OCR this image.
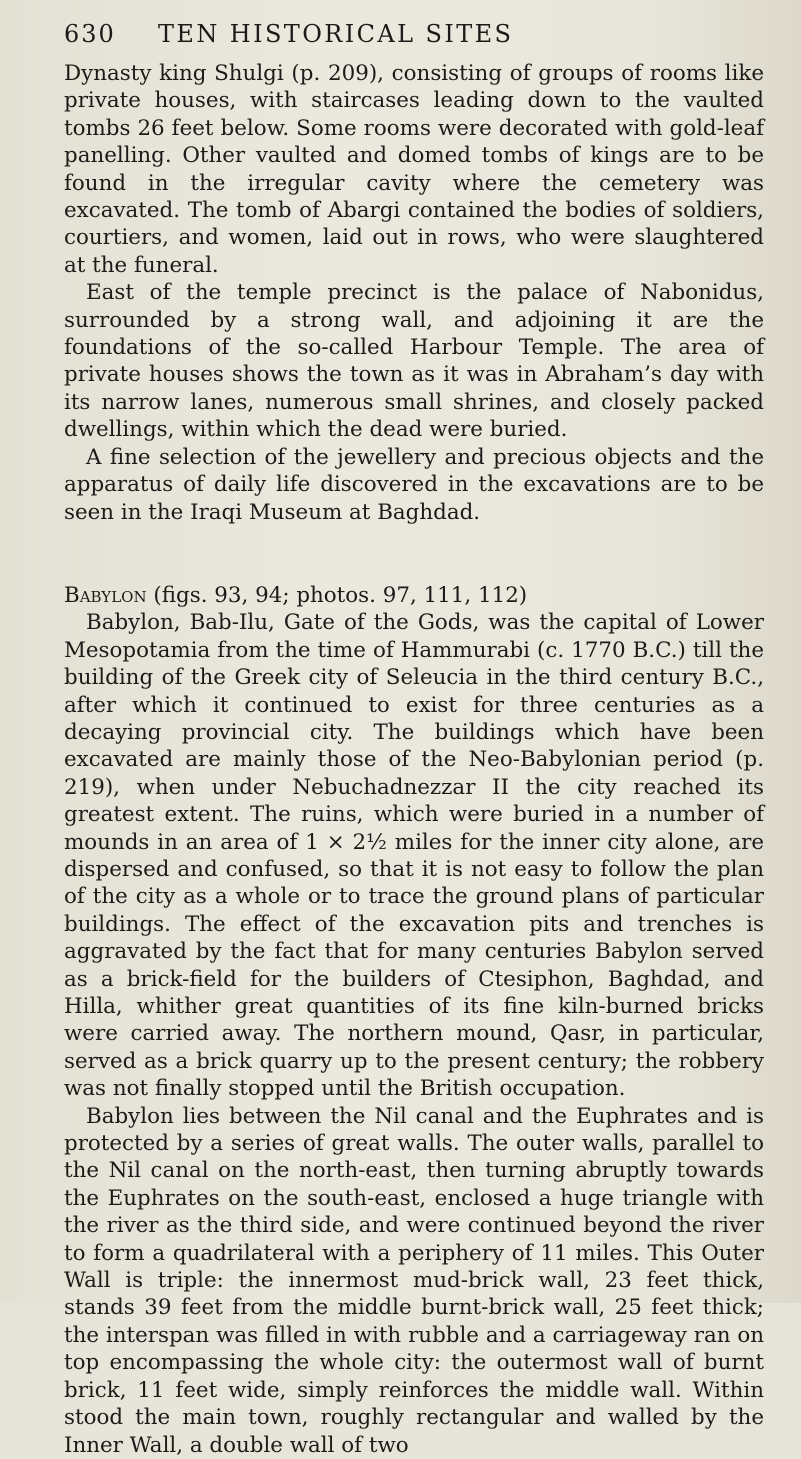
630 TEN HISTORICAL SITES

Dynasty king Shulgi (p. 209), consisting of groups of rooms like private houses, with staircases leading down to the vaulted tombs 26 feet below. Some rooms were decorated with gold-leaf panelling. Other vaulted and domed tombs of kings are to be found in the irregular cavity where the cemetery was excavated. The tomb of Abargi contained the bodies of soldiers, courtiers, and women, laid out in rows, who were slaughtered at the funeral.

East of the temple precinct is the palace of Nabonidus, surrounded by a strong wall, and adjoining it are the foundations of the so-called Harbour Temple. The area of private houses shows the town as it was in Abraham’s day with its narrow lanes, numerous small shrines, and closely packed dwellings, within which the dead were buried.

A fine selection of the jewellery and precious objects and the apparatus of daily life discovered in the excavations are to be seen in the Iraqi Museum at Baghdad.

Babylon (figs. 93, 94; photos. 97, 111, 112)

Babylon, Bab-Ilu, Gate of the Gods, was the capital of Lower Mesopotamia from the time of Hammurabi (c. 1770 B.C.) till the building of the Greek city of Seleucia in the third century B.C., after which it continued to exist for three centuries as a decaying provincial city. The buildings which have been excavated are mainly those of the Neo-Babylonian period (p. 219), when under Nebuchadnezzar II the city reached its greatest extent. The ruins, which were buried in a number of mounds in an area of 1 × 2½ miles for the inner city alone, are dispersed and confused, so that it is not easy to follow the plan of the city as a whole or to trace the ground plans of particular buildings. The effect of the excavation pits and trenches is aggravated by the fact that for many centuries Babylon served as a brick-field for the builders of Ctesiphon, Baghdad, and Hilla, whither great quantities of its fine kiln-burned bricks were carried away. The northern mound, Qasr, in particular, served as a brick quarry up to the present century; the robbery was not finally stopped until the British occupation.

Babylon lies between the Nil canal and the Euphrates and is protected by a series of great walls. The outer walls, parallel to the Nil canal on the north-east, then turning abruptly towards the Euphrates on the south-east, enclosed a huge triangle with the river as the third side, and were continued beyond the river to form a quadrilateral with a periphery of 11 miles. This Outer Wall is triple: the innermost mud-brick wall, 23 feet thick, stands 39 feet from the middle burnt-brick wall, 25 feet thick; the interspan was filled in with rubble and a carriageway ran on top encompassing the whole city: the outermost wall of burnt brick, 11 feet wide, simply reinforces the middle wall. Within stood the main town, roughly rectangular and walled by the Inner Wall, a double wall of two
